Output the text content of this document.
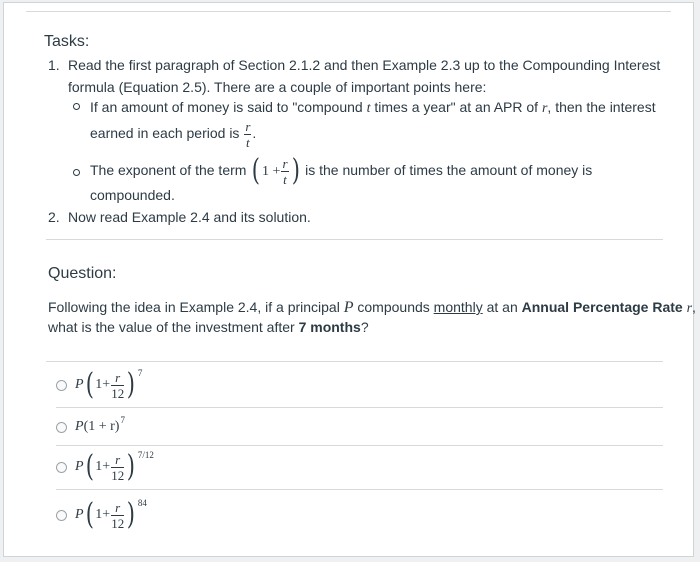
Tasks:
1. Read the first paragraph of Section 2.1.2 and then Example 2.3 up to the Compounding Interest
formula (Equation 2.5). There are a couple of important points here:
If an amount of money is said to "compound t times a year" at an APR of r, then the interest
earned in each period is $\frac{r}{t}$ .
The exponent of the term ( $1 + \frac{r}{t}$ ) is the number of times the amount of money is
compounded.
2. Now read Example 2.4 and its solution.
Question:
Following the idea in Example 2.4, if a principal P compounds monthly at an Annual Percentage Rate r,
what is the value of the investment after 7 months?
P ( $1+ \frac{r}{12}$ ) 7
P (1 + r) 7
P ( $1+ \frac{r}{12}$ ) 7/12
P ( $1+ \frac{r}{12}$ ) 84
